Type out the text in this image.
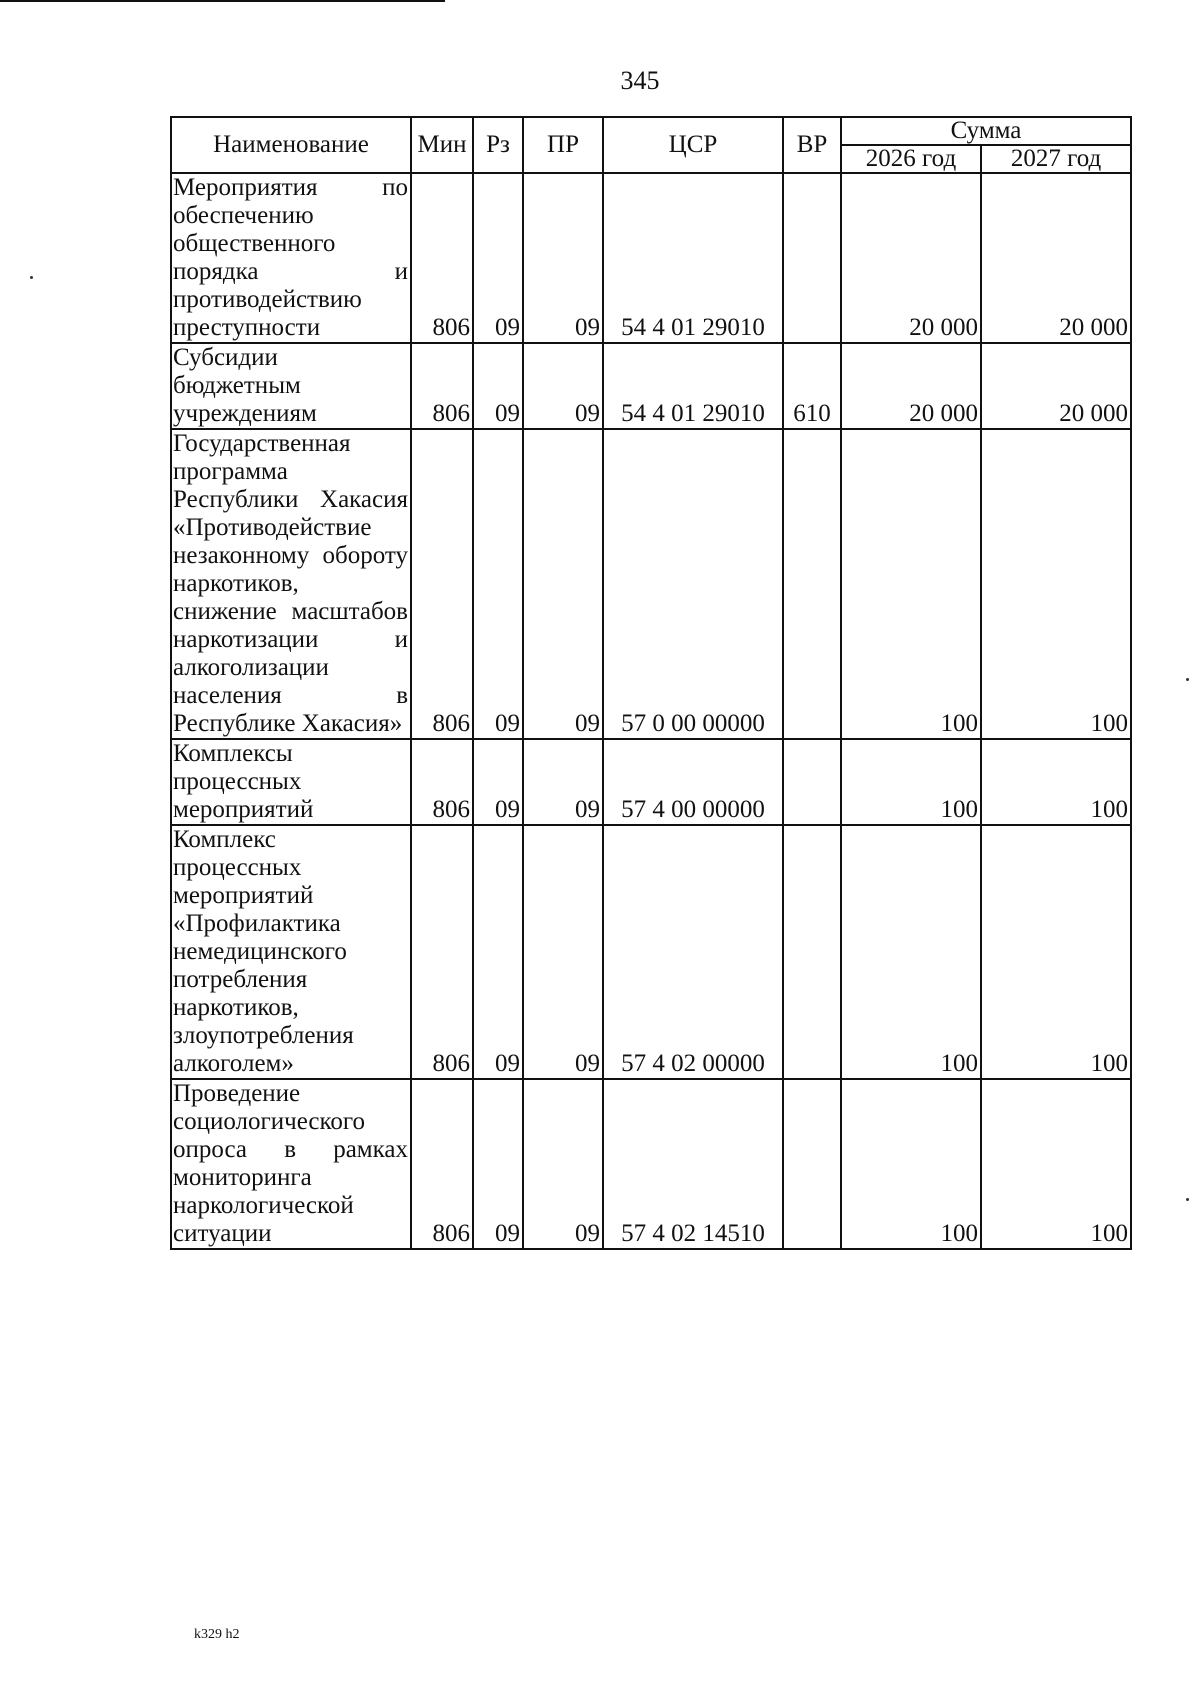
345
Наименование	Мин	Рз	ПР	ЦСР	ВР	Сумма	
						2026 год	2027 год
Мероприятия по обеспечению общественного порядка и противодействию преступности	806	09	09	54 4 01 29010		20 000	20 000
Субсидии бюджетным учреждениям	806	09	09	54 4 01 29010	610	20 000	20 000
Государственная программа Республики Хакасия «Противодействие незаконному обороту наркотиков, снижение масштабов наркотизации и алкоголизации населения в Республике Хакасия»	806	09	09	57 0 00 00000		100	100
Комплексы процессных мероприятий	806	09	09	57 4 00 00000		100	100
Комплекс процессных мероприятий «Профилактика немедицинского потребления наркотиков, злоупотребления алкоголем»	806	09	09	57 4 02 00000		100	100
Проведение социологического опроса в рамках мониторинга наркологической ситуации	806	09	09	57 4 02 14510		100	100
k329 h2
